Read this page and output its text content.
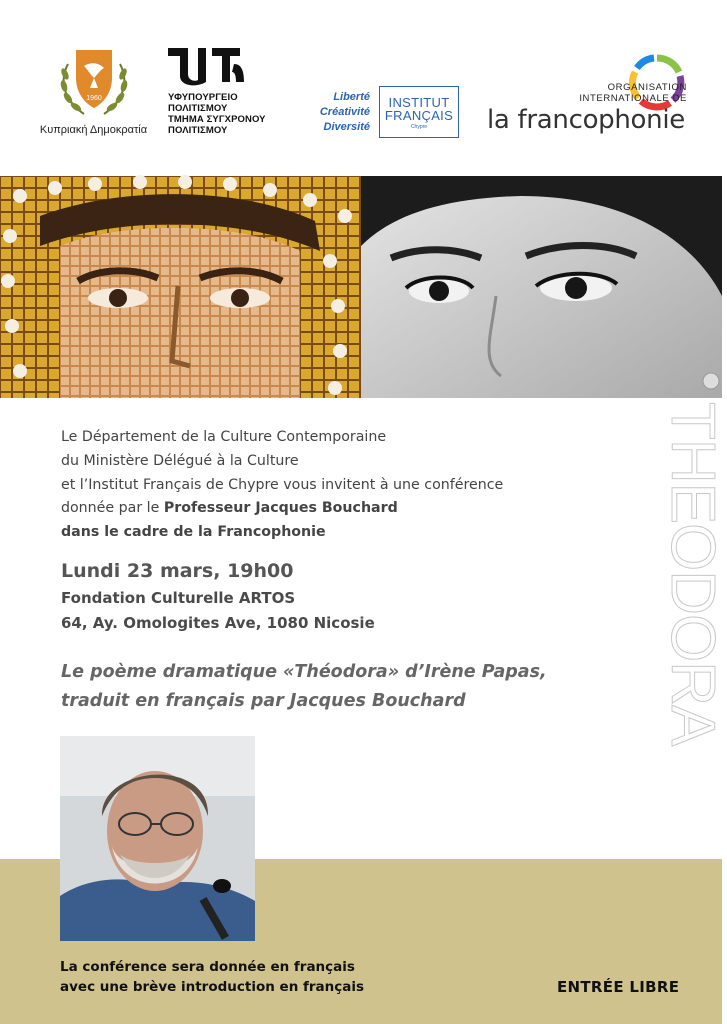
1960
Κυπριακή Δημοκρατία
ΥΦΥΠΟΥΡΓΕΙΟ
ΠΟΛΙΤΙΣΜΟΥ
ΤΜΗΜΑ ΣΥΓΧΡΟΝΟΥ
ΠΟΛΙΤΙΣΜΟΥ
Liberté
Créativité
Diversité
INSTITUT
FRANÇAIS
Chypre
ORGANISATION
INTERNATIONALE DE
la francophonie
Le Département de la Culture Contemporaine
du Ministère Délégué à la Culture
et l’Institut Français de Chypre vous invitent à une conférence
donnée par le Professeur Jacques Bouchard
dans le cadre de la Francophonie
Lundi 23 mars, 19h00
Fondation Culturelle ARTOS
64, Ay. Omologites Ave, 1080 Nicosie
Le poème dramatique «Théodora» d’Irène Papas,
traduit en français par Jacques Bouchard	THEODORA
La conférence sera donnée en français
avec une brève introduction en français	ENTRÉE LIBRE
